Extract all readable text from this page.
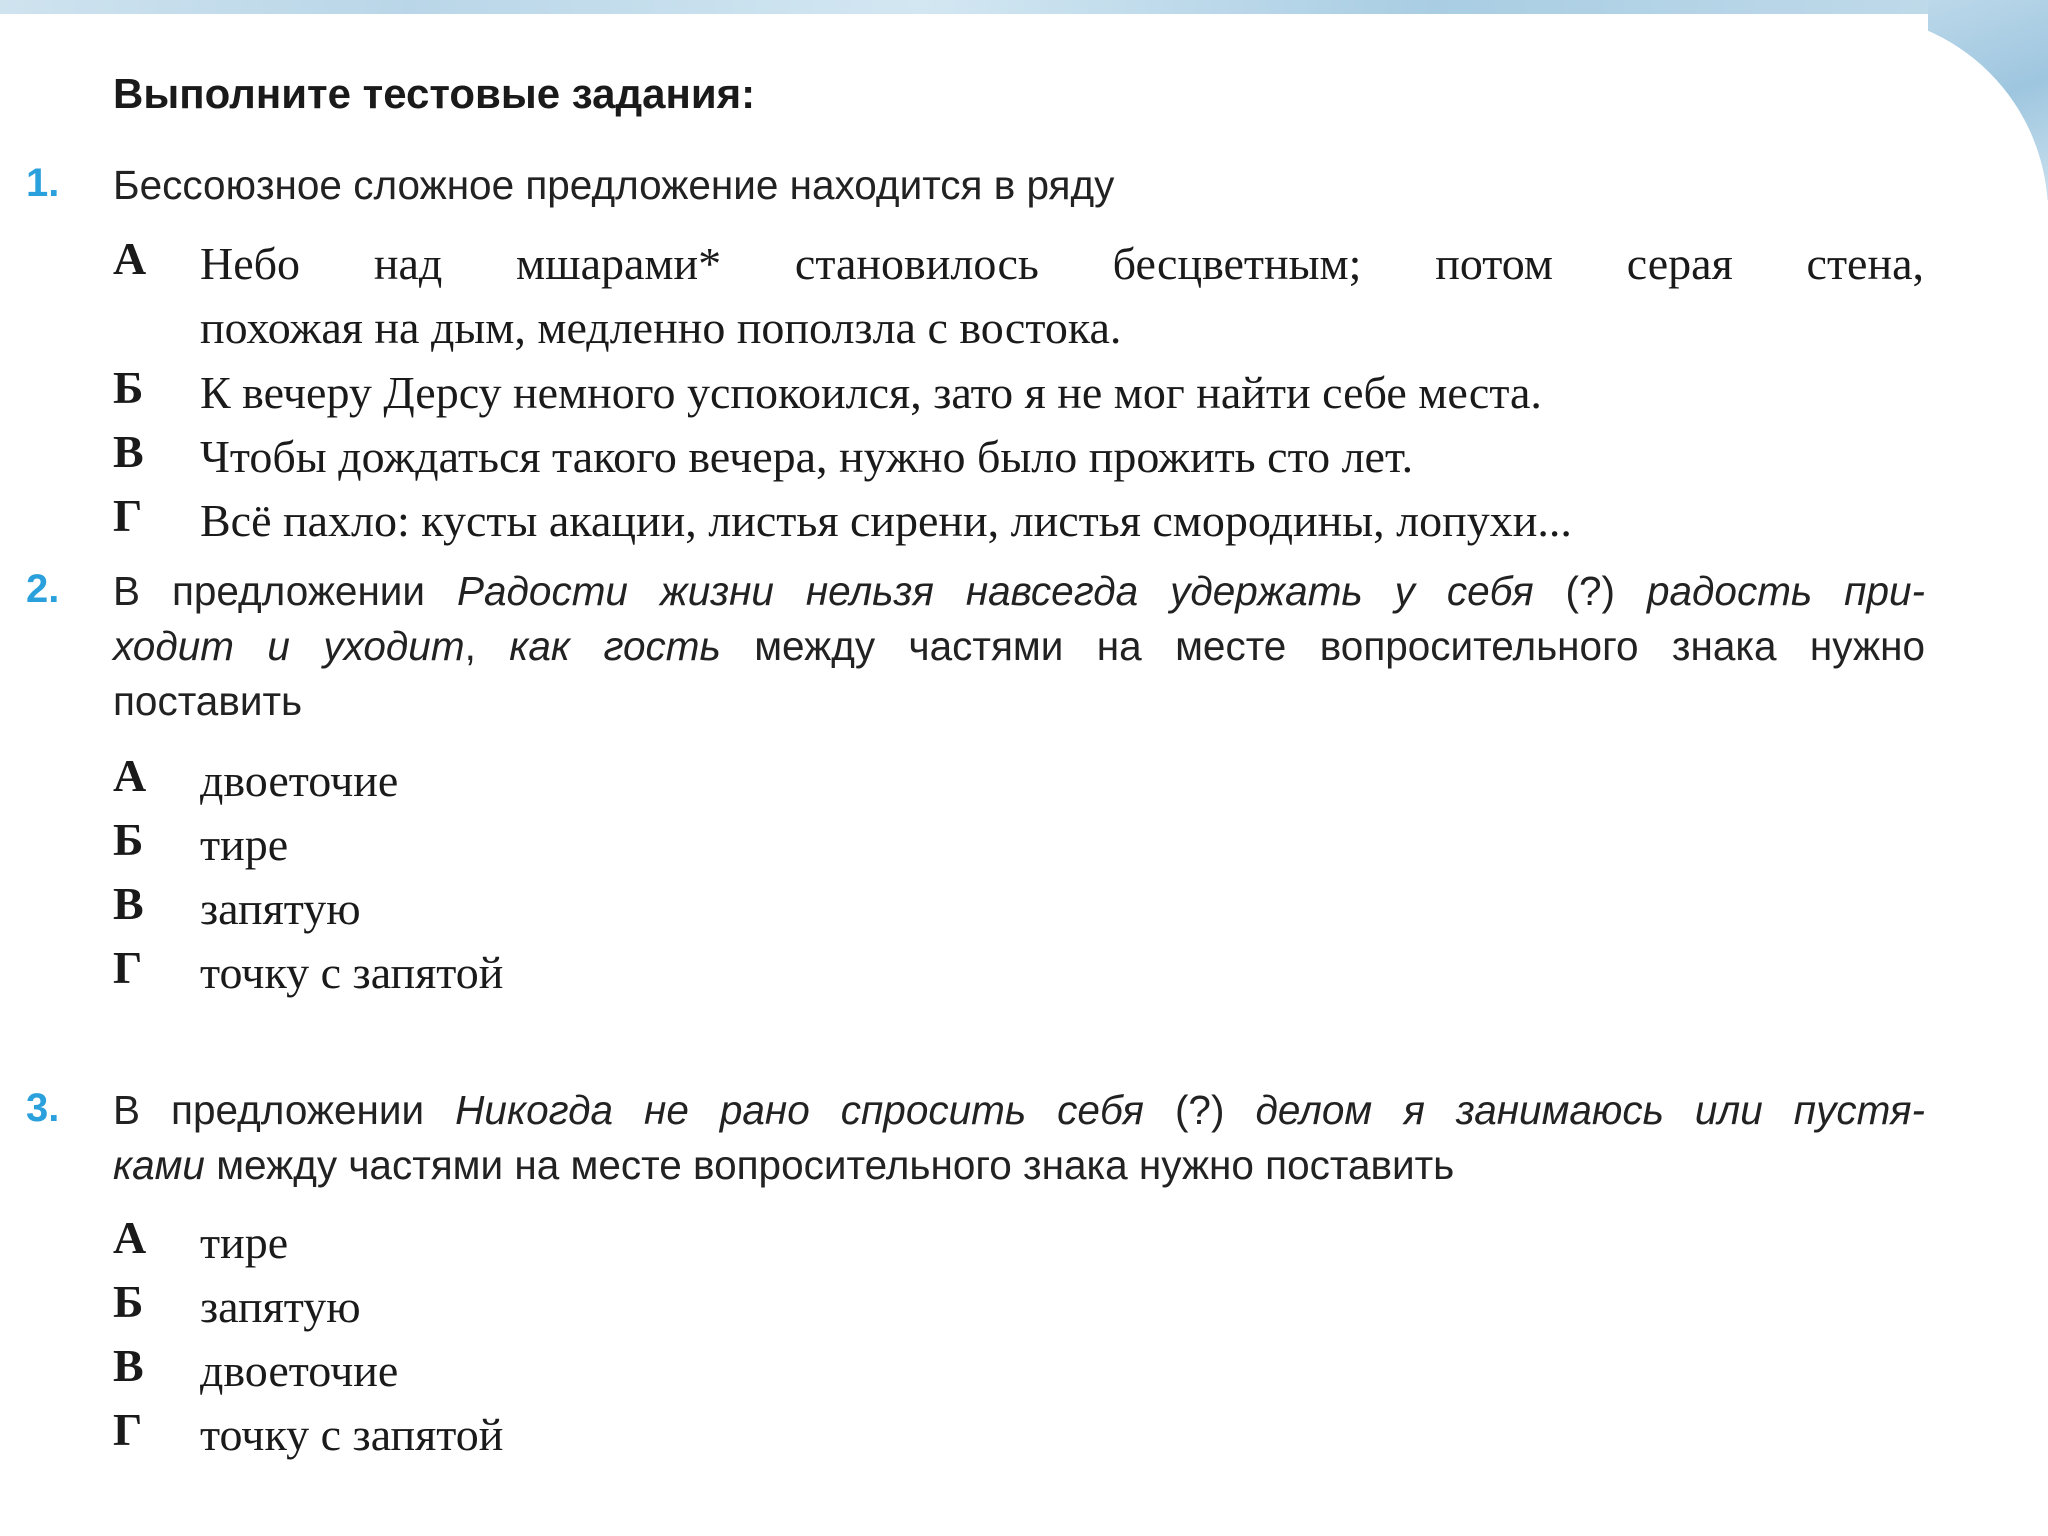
Выполните тестовые задания:
1. Бессоюзное сложное предложение находится в ряду
А Небо над мшарами* становилось бесцветным; потом серая стена,
похожая на дым, медленно поползла с востока.
Б К вечеру Дерсу немного успокоился, зато я не мог найти себе места.
В Чтобы дождаться такого вечера, нужно было прожить сто лет.
Г Всё пахло: кусты акации, листья сирени, листья смородины, лопухи...
2. В предложении Радости жизни нельзя навсегда удержать у себя (?) радость при-
ходит и уходит, как гость между частями на месте вопросительного знака нужно
поставить
А двоеточие
Б тире
В запятую
Г точку с запятой
3. В предложении Никогда не рано спросить себя (?) делом я занимаюсь или пустя-
ками между частями на месте вопросительного знака нужно поставить
А тире
Б запятую
В двоеточие
Г точку с запятой
